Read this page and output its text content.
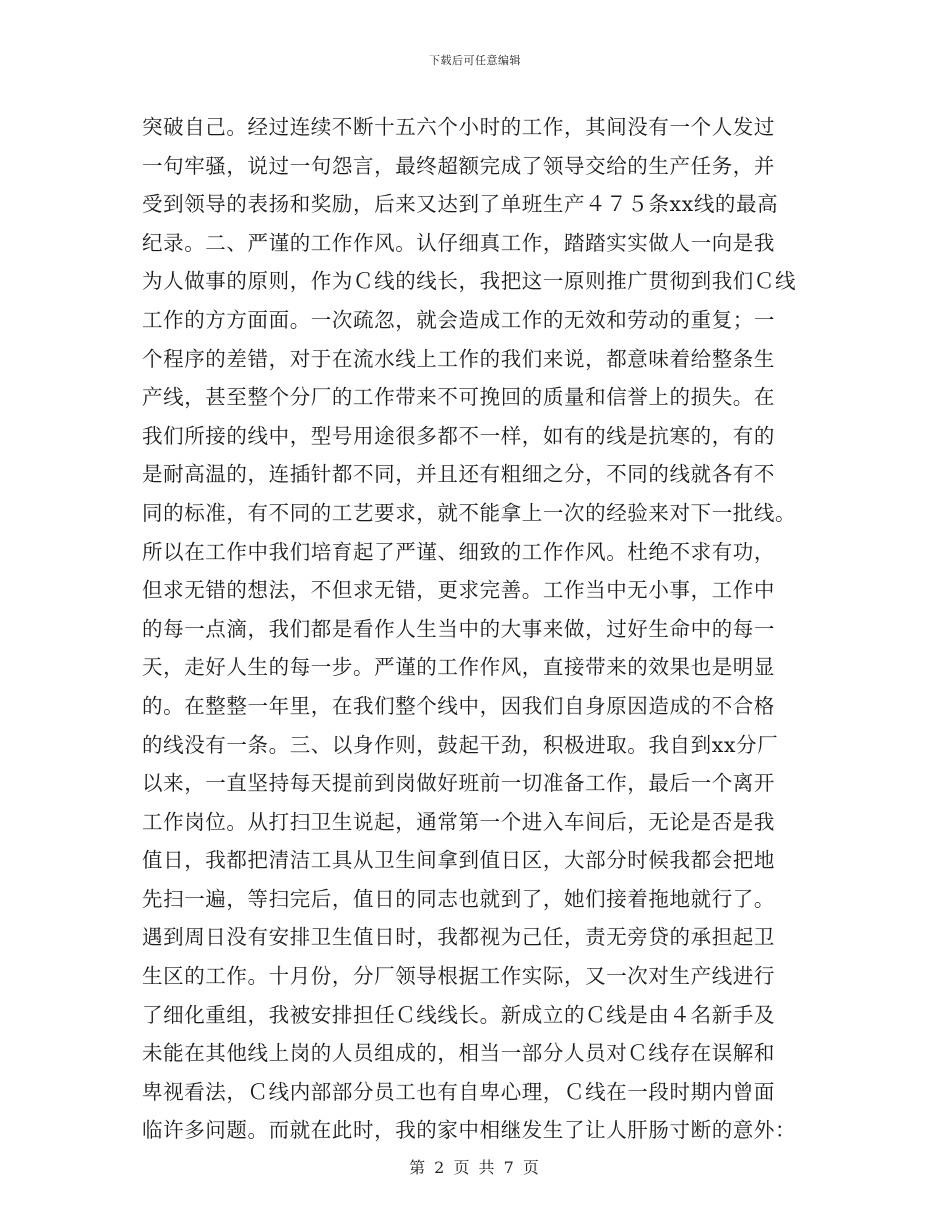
下载后可任意编辑
突破自己。经过连续不断十五六个小时的工作，其间没有一个人发过
一句牢骚，说过一句怨言，最终超额完成了领导交给的生产任务，并
受到领导的表扬和奖励，后来又达到了单班生产４７５条xx线的最高
纪录。二、严谨的工作作风。认仔细真工作，踏踏实实做人一向是我
为人做事的原则，作为Ｃ线的线长，我把这一原则推广贯彻到我们Ｃ线
工作的方方面面。一次疏忽，就会造成工作的无效和劳动的重复；一
个程序的差错，对于在流水线上工作的我们来说，都意味着给整条生
产线，甚至整个分厂的工作带来不可挽回的质量和信誉上的损失。在
我们所接的线中，型号用途很多都不一样，如有的线是抗寒的，有的
是耐高温的，连插针都不同，并且还有粗细之分，不同的线就各有不
同的标准，有不同的工艺要求，就不能拿上一次的经验来对下一批线。
所以在工作中我们培育起了严谨、细致的工作作风。杜绝不求有功，
但求无错的想法，不但求无错，更求完善。工作当中无小事，工作中
的每一点滴，我们都是看作人生当中的大事来做，过好生命中的每一
天，走好人生的每一步。严谨的工作作风，直接带来的效果也是明显
的。在整整一年里，在我们整个线中，因我们自身原因造成的不合格
的线没有一条。三、以身作则，鼓起干劲，积极进取。我自到xx分厂
以来，一直坚持每天提前到岗做好班前一切准备工作，最后一个离开
工作岗位。从打扫卫生说起，通常第一个进入车间后，无论是否是我
值日，我都把清洁工具从卫生间拿到值日区，大部分时候我都会把地
先扫一遍，等扫完后，值日的同志也就到了，她们接着拖地就行了。
遇到周日没有安排卫生值日时，我都视为己任，责无旁贷的承担起卫
生区的工作。十月份，分厂领导根据工作实际，又一次对生产线进行
了细化重组，我被安排担任Ｃ线线长。新成立的Ｃ线是由４名新手及
未能在其他线上岗的人员组成的，相当一部分人员对Ｃ线存在误解和
卑视看法，Ｃ线内部部分员工也有自卑心理，Ｃ线在一段时期内曾面
临许多问题。而就在此时，我的家中相继发生了让人肝肠寸断的意外：
第 2 页 共 7 页
